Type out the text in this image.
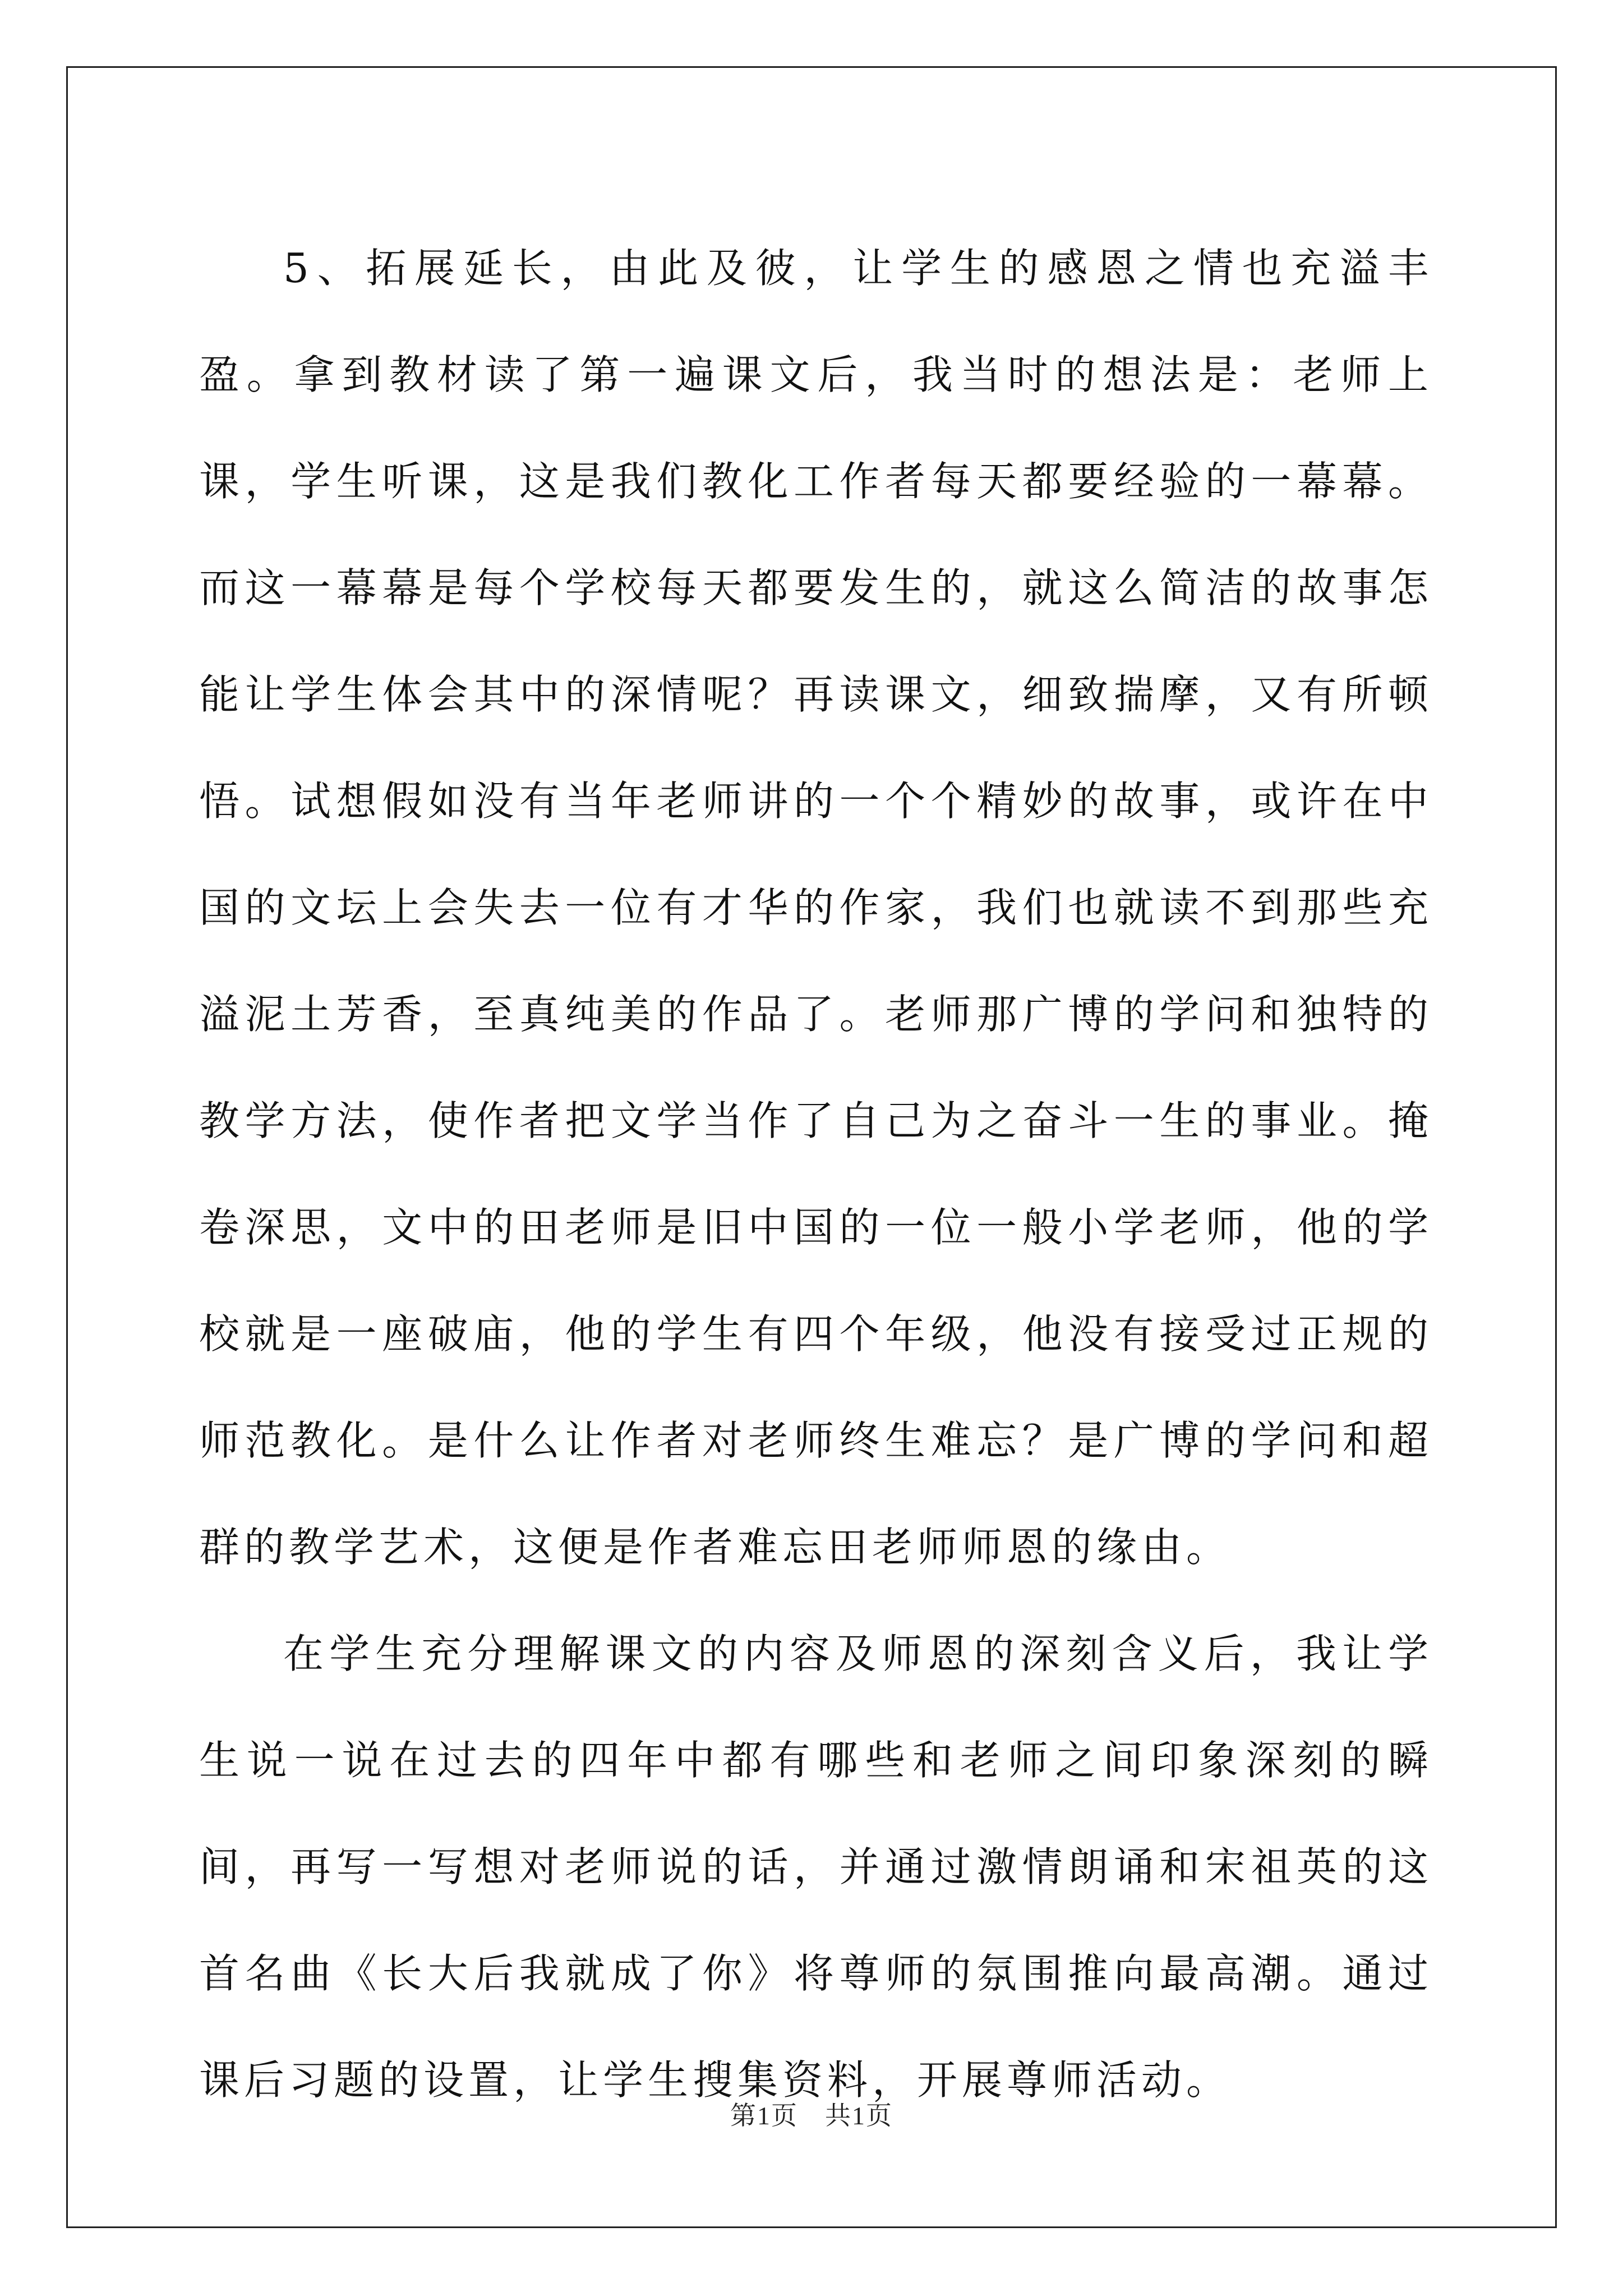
5、拓展延长，由此及彼，让学生的感恩之情也充溢丰盈。拿到教材读了第一遍课文后，我当时的想法是：老师上课，学生听课，这是我们教化工作者每天都要经验的一幕幕。而这一幕幕是每个学校每天都要发生的，就这么简洁的故事怎能让学生体会其中的深情呢？再读课文，细致揣摩，又有所顿悟。试想假如没有当年老师讲的一个个精妙的故事，或许在中国的文坛上会失去一位有才华的作家，我们也就读不到那些充溢泥土芳香，至真纯美的作品了。老师那广博的学问和独特的教学方法，使作者把文学当作了自己为之奋斗一生的事业。掩卷深思，文中的田老师是旧中国的一位一般小学老师，他的学校就是一座破庙，他的学生有四个年级，他没有接受过正规的师范教化。是什么让作者对老师终生难忘？是广博的学问和超群的教学艺术，这便是作者难忘田老师师恩的缘由。

在学生充分理解课文的内容及师恩的深刻含义后，我让学生说一说在过去的四年中都有哪些和老师之间印象深刻的瞬间，再写一写想对老师说的话，并通过激情朗诵和宋祖英的这首名曲《长大后我就成了你》将尊师的氛围推向最高潮。通过课后习题的设置，让学生搜集资料，开展尊师活动。

第1页　共1页
